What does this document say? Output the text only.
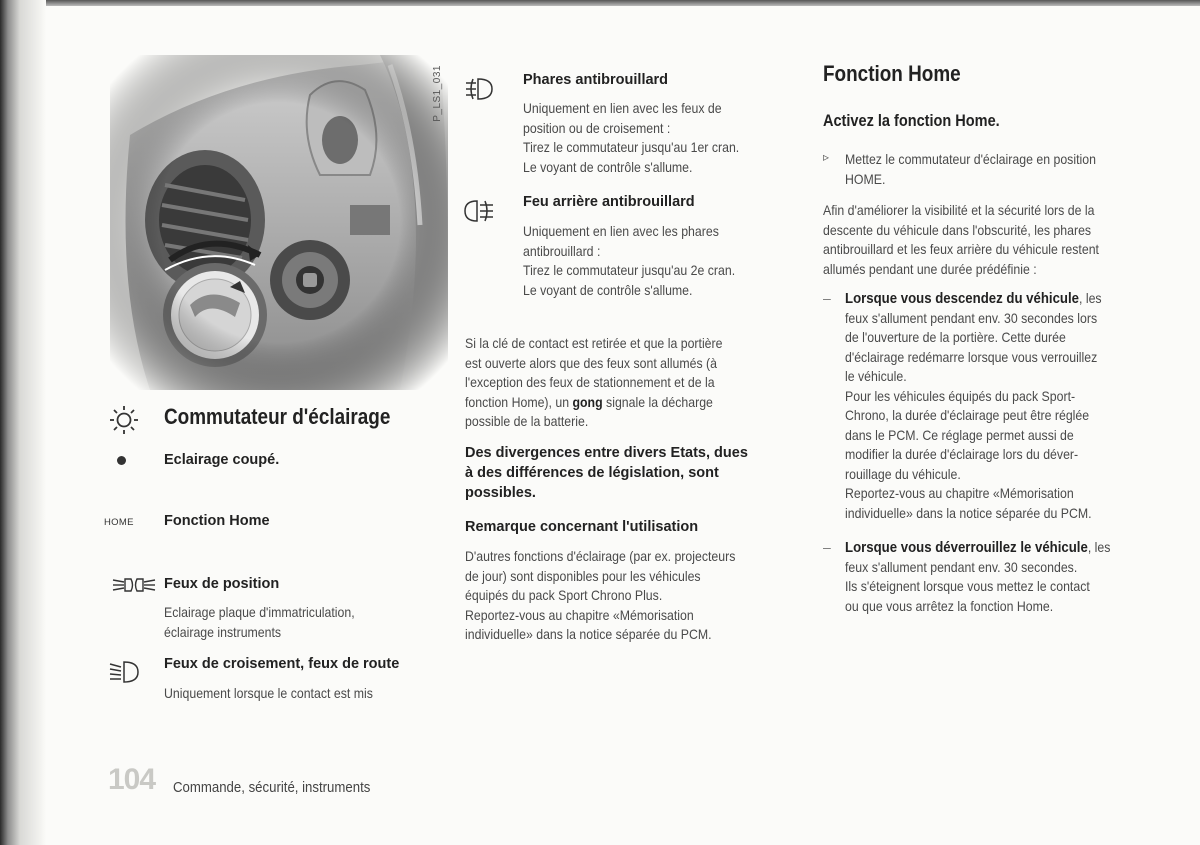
P_LS1_031
Commutateur d'éclairage
Eclairage coupé.
HOME Fonction Home
Feux de position
Eclairage plaque d'immatriculation,
éclairage instruments
Feux de croisement, feux de route
Uniquement lorsque le contact est mis
Phares antibrouillard
Uniquement en lien avec les feux de
position ou de croisement :
Tirez le commutateur jusqu'au 1er cran.
Le voyant de contrôle s'allume.
Feu arrière antibrouillard
Uniquement en lien avec les phares
antibrouillard :
Tirez le commutateur jusqu'au 2e cran.
Le voyant de contrôle s'allume.
Si la clé de contact est retirée et que la portière
est ouverte alors que des feux sont allumés (à
l'exception des feux de stationnement et de la
fonction Home), un gong signale la décharge
possible de la batterie.
Des divergences entre divers Etats, dues
à des différences de législation, sont
possibles.
Remarque concernant l'utilisation
D'autres fonctions d'éclairage (par ex. projecteurs
de jour) sont disponibles pour les véhicules
équipés du pack Sport Chrono Plus.
Reportez-vous au chapitre «Mémorisation
individuelle» dans la notice séparée du PCM.
Fonction Home
Activez la fonction Home.
▹ Mettez le commutateur d'éclairage en position
HOME.
Afin d'améliorer la visibilité et la sécurité lors de la
descente du véhicule dans l'obscurité, les phares
antibrouillard et les feux arrière du véhicule restent
allumés pendant une durée prédéfinie :
– Lorsque vous descendez du véhicule, les
feux s'allument pendant env. 30 secondes lors
de l'ouverture de la portière. Cette durée
d'éclairage redémarre lorsque vous verrouillez
le véhicule.
Pour les véhicules équipés du pack Sport-
Chrono, la durée d'éclairage peut être réglée
dans le PCM. Ce réglage permet aussi de
modifier la durée d'éclairage lors du déver-
rouillage du véhicule.
Reportez-vous au chapitre «Mémorisation
individuelle» dans la notice séparée du PCM.
– Lorsque vous déverrouillez le véhicule, les
feux s'allument pendant env. 30 secondes.
Ils s'éteignent lorsque vous mettez le contact
ou que vous arrêtez la fonction Home.
104 Commande, sécurité, instruments
